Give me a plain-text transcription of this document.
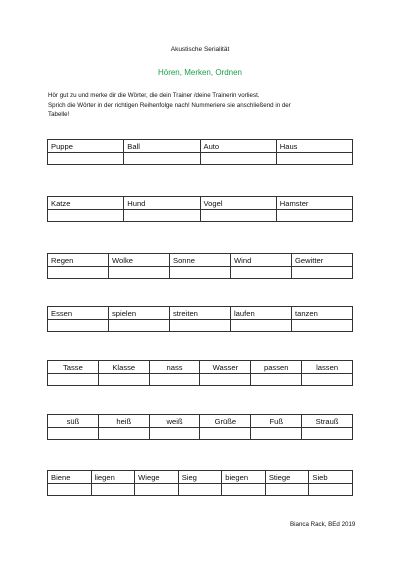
Akustische Serialität
Hören, Merken, Ordnen
Hör gut zu und merke dir die Wörter, die dein Trainer /deine Trainerin vorliest.
Sprich die Wörter in der richtigen Reihenfolge nach! Nummeriere sie anschließend in der
Tabelle!
Puppe	Ball	Auto	Haus

Katze	Hund	Vogel	Hamster

Regen	Wolke	Sonne	Wind	Gewitter

Essen	spielen	streiten	laufen	tanzen

Tasse	Klasse	nass	Wasser	passen	lassen

süß	heiß	weiß	Grüße	Fuß	Strauß

Biene	liegen	Wiege	Sieg	biegen	Stiege	Sieb

Bianca Rack, BEd 2019
